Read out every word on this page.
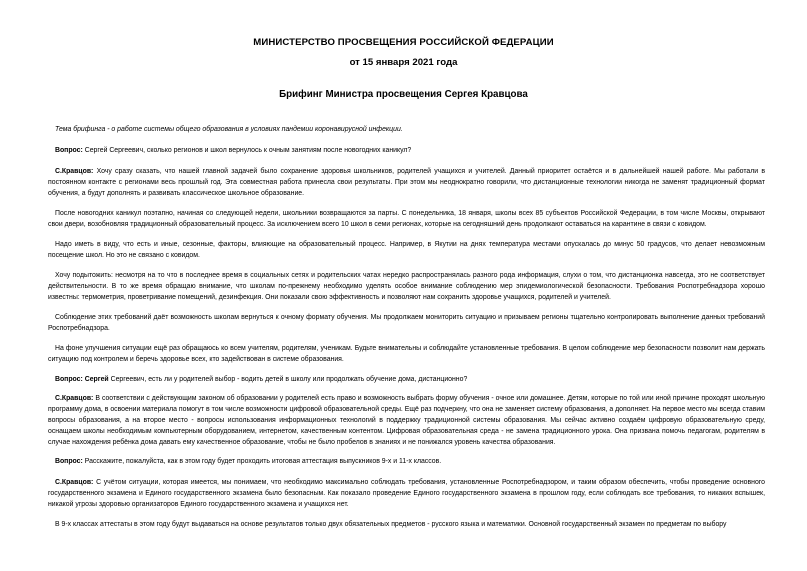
МИНИСТЕРСТВО ПРОСВЕЩЕНИЯ РОССИЙСКОЙ ФЕДЕРАЦИИ
от 15 января 2021 года
Брифинг Министра просвещения Сергея Кравцова

Тема брифинга - о работе системы общего образования в условиях пандемии коронавирусной инфекции.

Вопрос: Сергей Сергеевич, сколько регионов и школ вернулось к очным занятиям после новогодних каникул?

С.Кравцов: Хочу сразу сказать, что нашей главной задачей было сохранение здоровья школьников, родителей учащихся и учителей. Данный приоритет остаётся и в дальнейшей нашей работе. Мы работали в постоянном контакте с регионами весь прошлый год. Эта совместная работа принесла свои результаты. При этом мы неоднократно говорили, что дистанционные технологии никогда не заменят традиционный формат обучения, а будут дополнять и развивать классическое школьное образование.

После новогодних каникул поэтапно, начиная со следующей недели, школьники возвращаются за парты. С понедельника, 18 января, школы всех 85 субъектов Российской Федерации, в том числе Москвы, открывают свои двери, возобновляя традиционный образовательный процесс. За исключением всего 10 школ в семи регионах, которые на сегодняшний день продолжают оставаться на карантине в связи с ковидом.

Надо иметь в виду, что есть и иные, сезонные, факторы, влияющие на образовательный процесс. Например, в Якутии на днях температура местами опускалась до минус 50 градусов, что делает невозможным посещение школ. Но это не связано с ковидом.

Хочу подытожить: несмотря на то что в последнее время в социальных сетях и родительских чатах нередко распространялась разного рода информация, слухи о том, что дистанционка навсегда, это не соответствует действительности. В то же время обращаю внимание, что школам по-прежнему необходимо уделять особое внимание соблюдению мер эпидемиологической безопасности. Требования Роспотребнадзора хорошо известны: термометрия, проветривание помещений, дезинфекция. Они показали свою эффективность и позволяют нам сохранить здоровье учащихся, родителей и учителей.

Соблюдение этих требований даёт возможность школам вернуться к очному формату обучения. Мы продолжаем мониторить ситуацию и призываем регионы тщательно контролировать выполнение данных требований Роспотребнадзора.

На фоне улучшения ситуации ещё раз обращаюсь ко всем учителям, родителям, ученикам. Будьте внимательны и соблюдайте установленные требования. В целом соблюдение мер безопасности позволит нам держать ситуацию под контролем и беречь здоровье всех, кто задействован в системе образования.

Вопрос: Сергей Сергеевич, есть ли у родителей выбор - водить детей в школу или продолжать обучение дома, дистанционно?

С.Кравцов: В соответствии с действующим законом об образовании у родителей есть право и возможность выбрать форму обучения - очное или домашнее. Детям, которые по той или иной причине проходят школьную программу дома, в освоении материала помогут в том числе возможности цифровой образовательной среды. Ещё раз подчеркну, что она не заменяет систему образования, а дополняет. На первое место мы всегда ставим вопросы образования, а на второе место - вопросы использования информационных технологий в поддержку традиционной системы образования. Мы сейчас активно создаём цифровую образовательную среду, оснащаем школы необходимым компьютерным оборудованием, интернетом, качественным контентом. Цифровая образовательная среда - не замена традиционного урока. Она призвана помочь педагогам, родителям в случае нахождения ребёнка дома давать ему качественное образование, чтобы не было пробелов в знаниях и не понижался уровень качества образования.

Вопрос: Расскажите, пожалуйста, как в этом году будет проходить итоговая аттестация выпускников 9-х и 11-х классов.

С.Кравцов: С учётом ситуации, которая имеется, мы понимаем, что необходимо максимально соблюдать требования, установленные Роспотребнадзором, и таким образом обеспечить, чтобы проведение основного государственного экзамена и Единого государственного экзамена было безопасным. Как показало проведение Единого государственного экзамена в прошлом году, если соблюдать все требования, то никаких вспышек, никакой угрозы здоровью организаторов Единого государственного экзамена и учащихся нет.

В 9-х классах аттестаты в этом году будут выдаваться на основе результатов только двух обязательных предметов - русского языка и математики. Основной государственный экзамен по предметам по выбору
